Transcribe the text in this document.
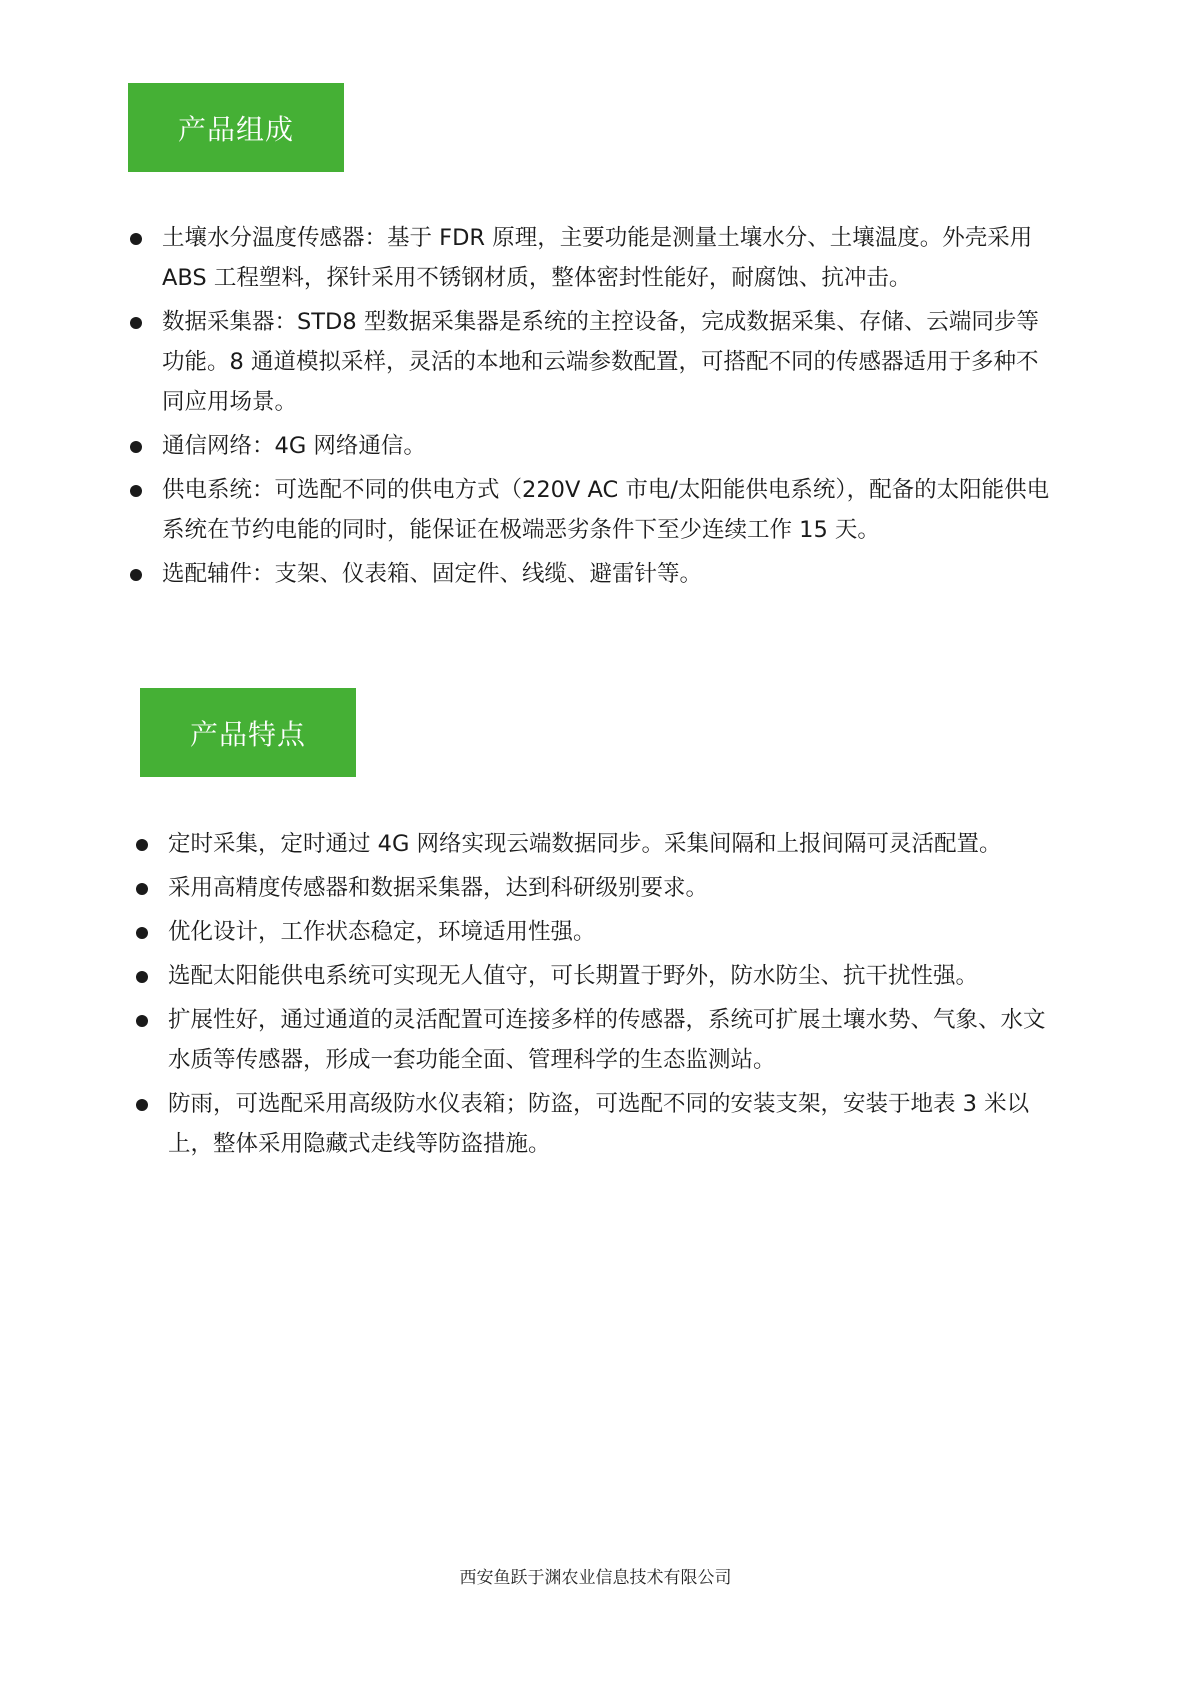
产品组成
土壤水分温度传感器：基于 FDR 原理，主要功能是测量土壤水分、土壤温度。外壳采用 ABS 工程塑料，探针采用不锈钢材质，整体密封性能好，耐腐蚀、抗冲击。
数据采集器：STD8 型数据采集器是系统的主控设备，完成数据采集、存储、云端同步等功能。8 通道模拟采样，灵活的本地和云端参数配置，可搭配不同的传感器适用于多种不同应用场景。
通信网络：4G 网络通信。
供电系统：可选配不同的供电方式（220V AC 市电/太阳能供电系统），配备的太阳能供电系统在节约电能的同时，能保证在极端恶劣条件下至少连续工作 15 天。
选配辅件：支架、仪表箱、固定件、线缆、避雷针等。
产品特点
定时采集，定时通过 4G 网络实现云端数据同步。采集间隔和上报间隔可灵活配置。
采用高精度传感器和数据采集器，达到科研级别要求。
优化设计，工作状态稳定，环境适用性强。
选配太阳能供电系统可实现无人值守，可长期置于野外，防水防尘、抗干扰性强。
扩展性好，通过通道的灵活配置可连接多样的传感器，系统可扩展土壤水势、气象、水文水质等传感器，形成一套功能全面、管理科学的生态监测站。
防雨，可选配采用高级防水仪表箱；防盗，可选配不同的安装支架，安装于地表 3 米以上，整体采用隐藏式走线等防盗措施。
西安鱼跃于渊农业信息技术有限公司
